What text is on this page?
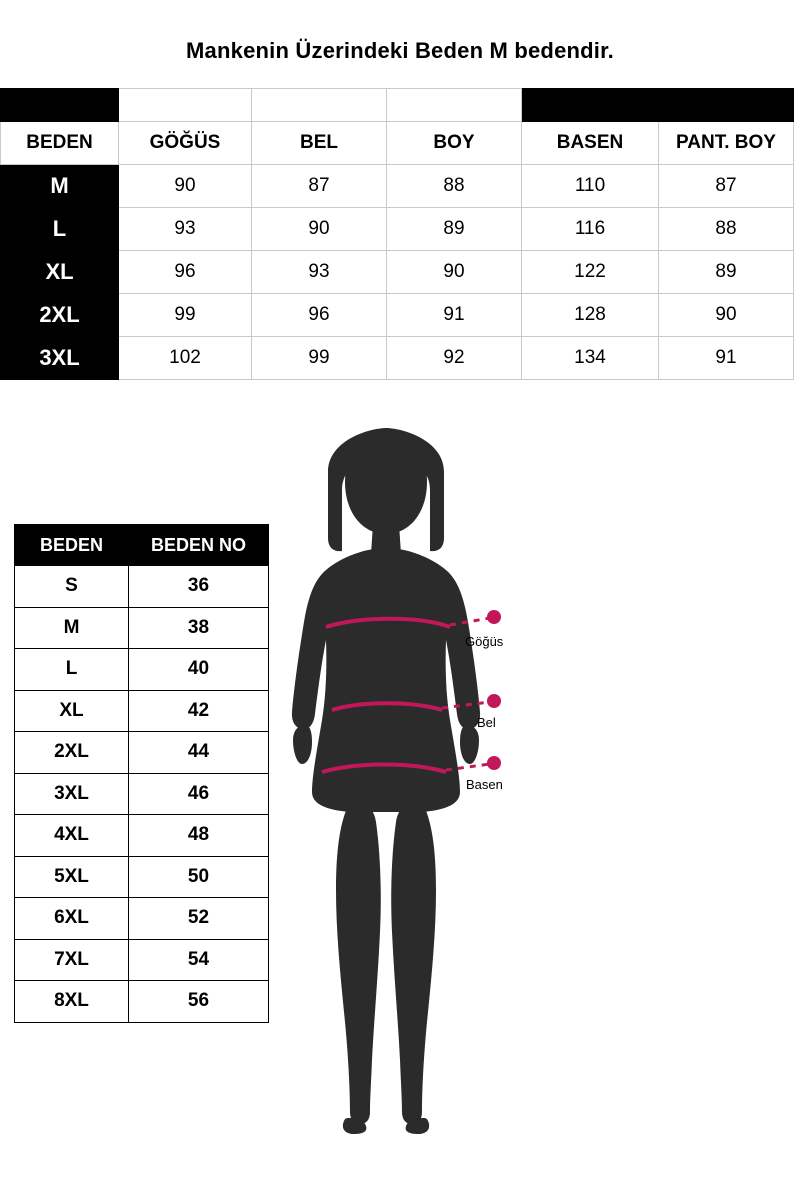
Mankenin Üzerindeki Beden M bedendir.

BEDEN	GÖĞÜS	BEL	BOY	BASEN	PANT. BOY
M	90	87	88	110	87
L	93	90	89	116	88
XL	96	93	90	122	89
2XL	99	96	91	128	90
3XL	102	99	92	134	91
BEDEN	BEDEN NO
S	36
M	38
L	40
XL	42
2XL	44
3XL	46
4XL	48
5XL	50
6XL	52
7XL	54
8XL	56
Göğüs
Bel
Basen
